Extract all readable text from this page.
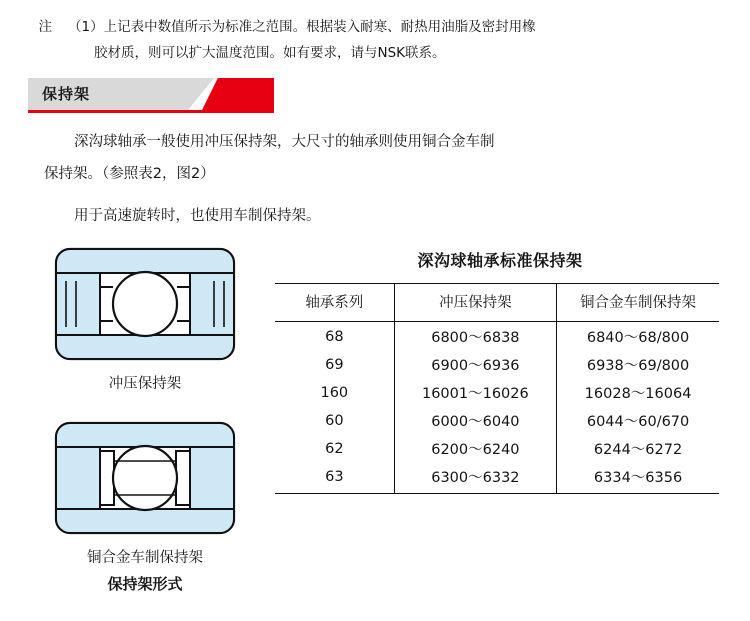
注 （1）上记表中数值所示为标准之范围。根据装入耐寒、耐热用油脂及密封用橡
胶材质，则可以扩大温度范围。如有要求，请与NSK联系。
保持架
深沟球轴承一般使用冲压保持架，大尺寸的轴承则使用铜合金车制
保持架。（参照表2，图2）
用于高速旋转时，也使用车制保持架。
冲压保持架
铜合金车制保持架
保持架形式
深沟球轴承标准保持架
轴承系列	冲压保持架	铜合金车制保持架
68	6800～6838	6840～68/800
69	6900～6936	6938～69/800
160	16001～16026	16028～16064
60	6000～6040	6044～60/670
62	6200～6240	6244～6272
63	6300～6332	6334～6356
